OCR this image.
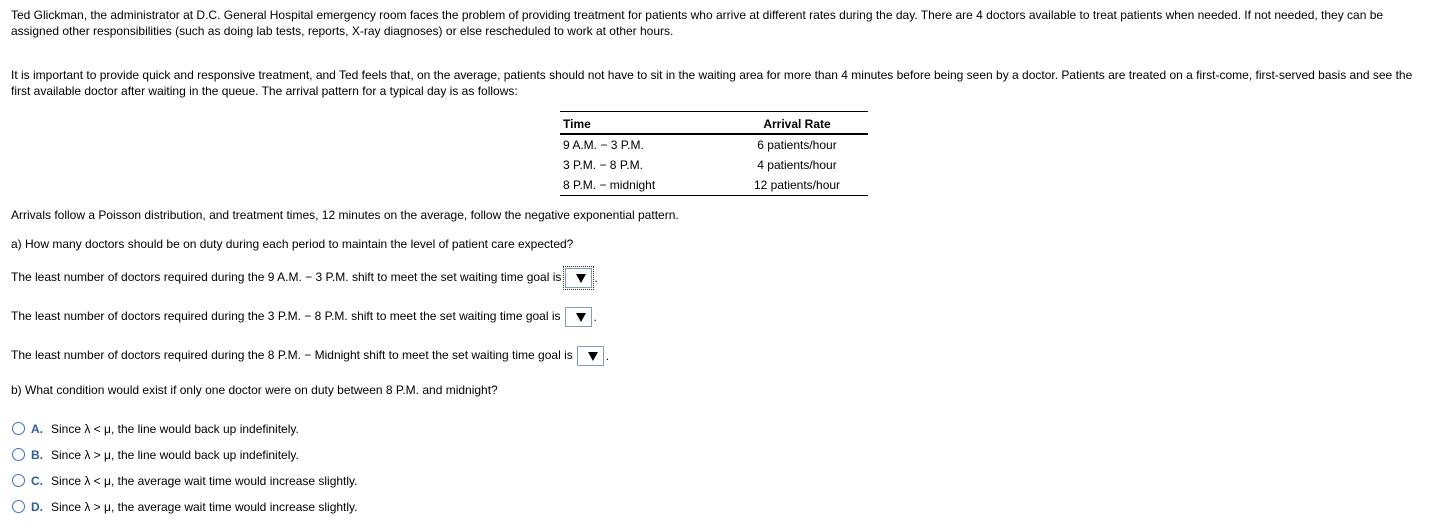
Ted Glickman, the administrator at D.C. General Hospital emergency room faces the problem of providing treatment for patients who arrive at different rates during the day. There are 4 doctors available to treat patients when needed. If not needed, they can be assigned other responsibilities (such as doing lab tests, reports, X-ray diagnoses) or else rescheduled to work at other hours.

It is important to provide quick and responsive treatment, and Ted feels that, on the average, patients should not have to sit in the waiting area for more than 4 minutes before being seen by a doctor. Patients are treated on a first-come, first-served basis and see the first available doctor after waiting in the queue. The arrival pattern for a typical day is as follows:

Time	Arrival Rate
9 A.M. − 3 P.M.	6 patients/hour
3 P.M. − 8 P.M.	4 patients/hour
8 P.M. − midnight	12 patients/hour
Arrivals follow a Poisson distribution, and treatment times, 12 minutes on the average, follow the negative exponential pattern.
a) How many doctors should be on duty during each period to maintain the level of patient care expected?
The least number of doctors required during the 9 A.M. − 3 P.M. shift to meet the set waiting time goal is	.
The least number of doctors required during the 3 P.M. − 8 P.M. shift to meet the set waiting time goal is	.
The least number of doctors required during the 8 P.M. − Midnight shift to meet the set waiting time goal is	.
b) What condition would exist if only one doctor were on duty between 8 P.M. and midnight?
A. Since λ < μ, the line would back up indefinitely.
B. Since λ > μ, the line would back up indefinitely.
C. Since λ < μ, the average wait time would increase slightly.
D. Since λ > μ, the average wait time would increase slightly.
